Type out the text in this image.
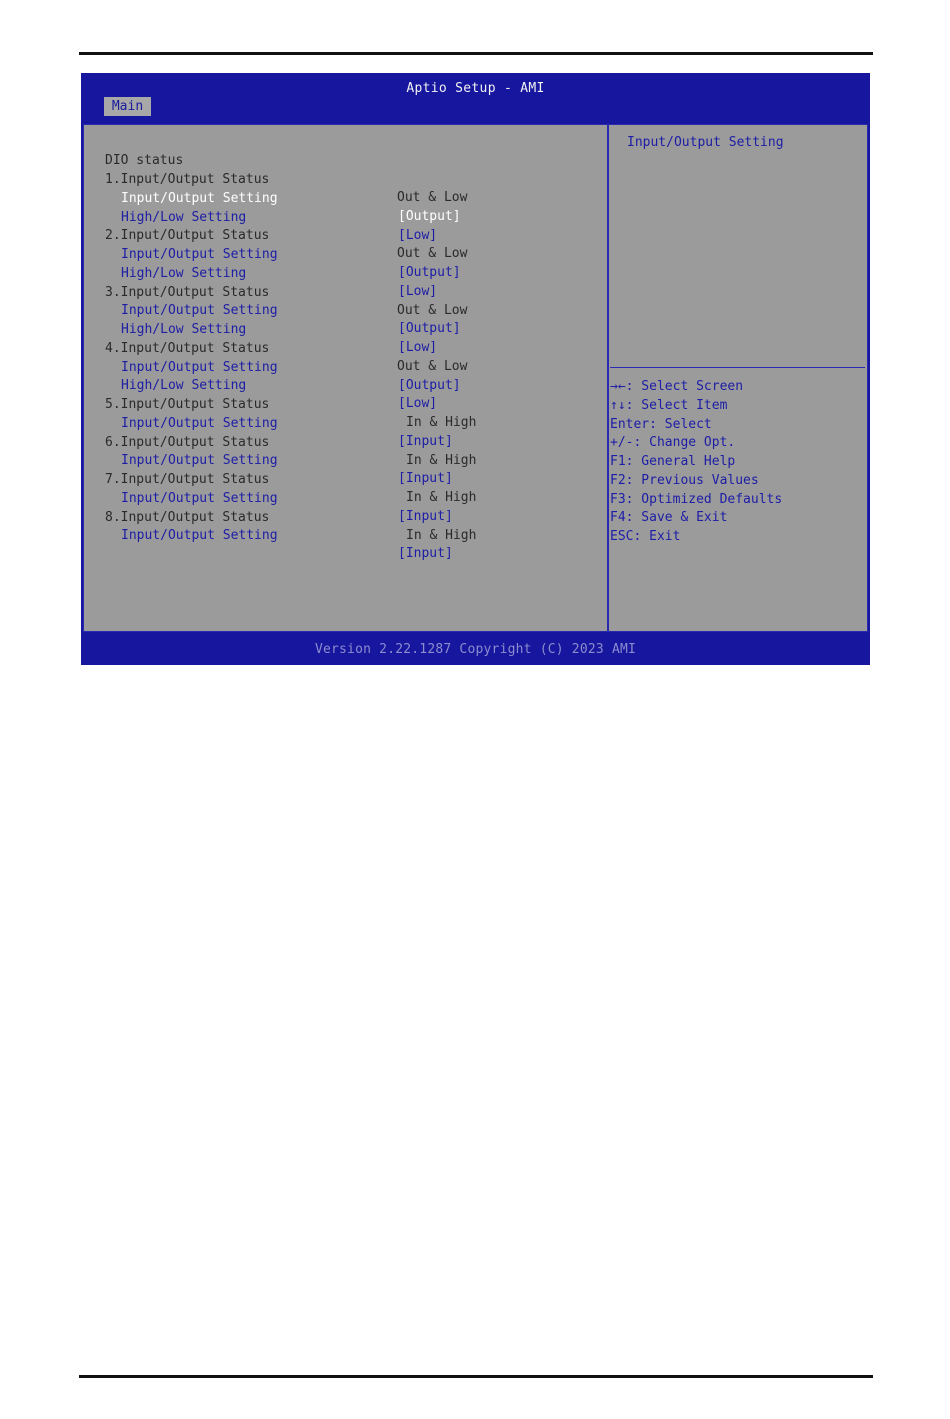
Aptio Setup - AMI
Main

DIO status

1.Input/Output Status

Out & Low

Input/Output Setting

[Output]

High/Low Setting

[Low]

2.Input/Output Status

Out & Low

Input/Output Setting

[Output]

High/Low Setting

[Low]

3.Input/Output Status

Out & Low

Input/Output Setting

[Output]

High/Low Setting

[Low]

4.Input/Output Status

Out & Low

Input/Output Setting

[Output]

High/Low Setting

[Low]

5.Input/Output Status

In & High

Input/Output Setting

[Input]

6.Input/Output Status

In & High

Input/Output Setting

[Input]

7.Input/Output Status

In & High

Input/Output Setting

[Input]

8.Input/Output Status

In & High

Input/Output Setting

[Input]

Input/Output Setting
→←: Select Screen
↑↓: Select Item
Enter: Select
+/-: Change Opt.
F1: General Help
F2: Previous Values
F3: Optimized Defaults
F4: Save & Exit
ESC: Exit
Version 2.22.1287 Copyright (C) 2023 AMI
